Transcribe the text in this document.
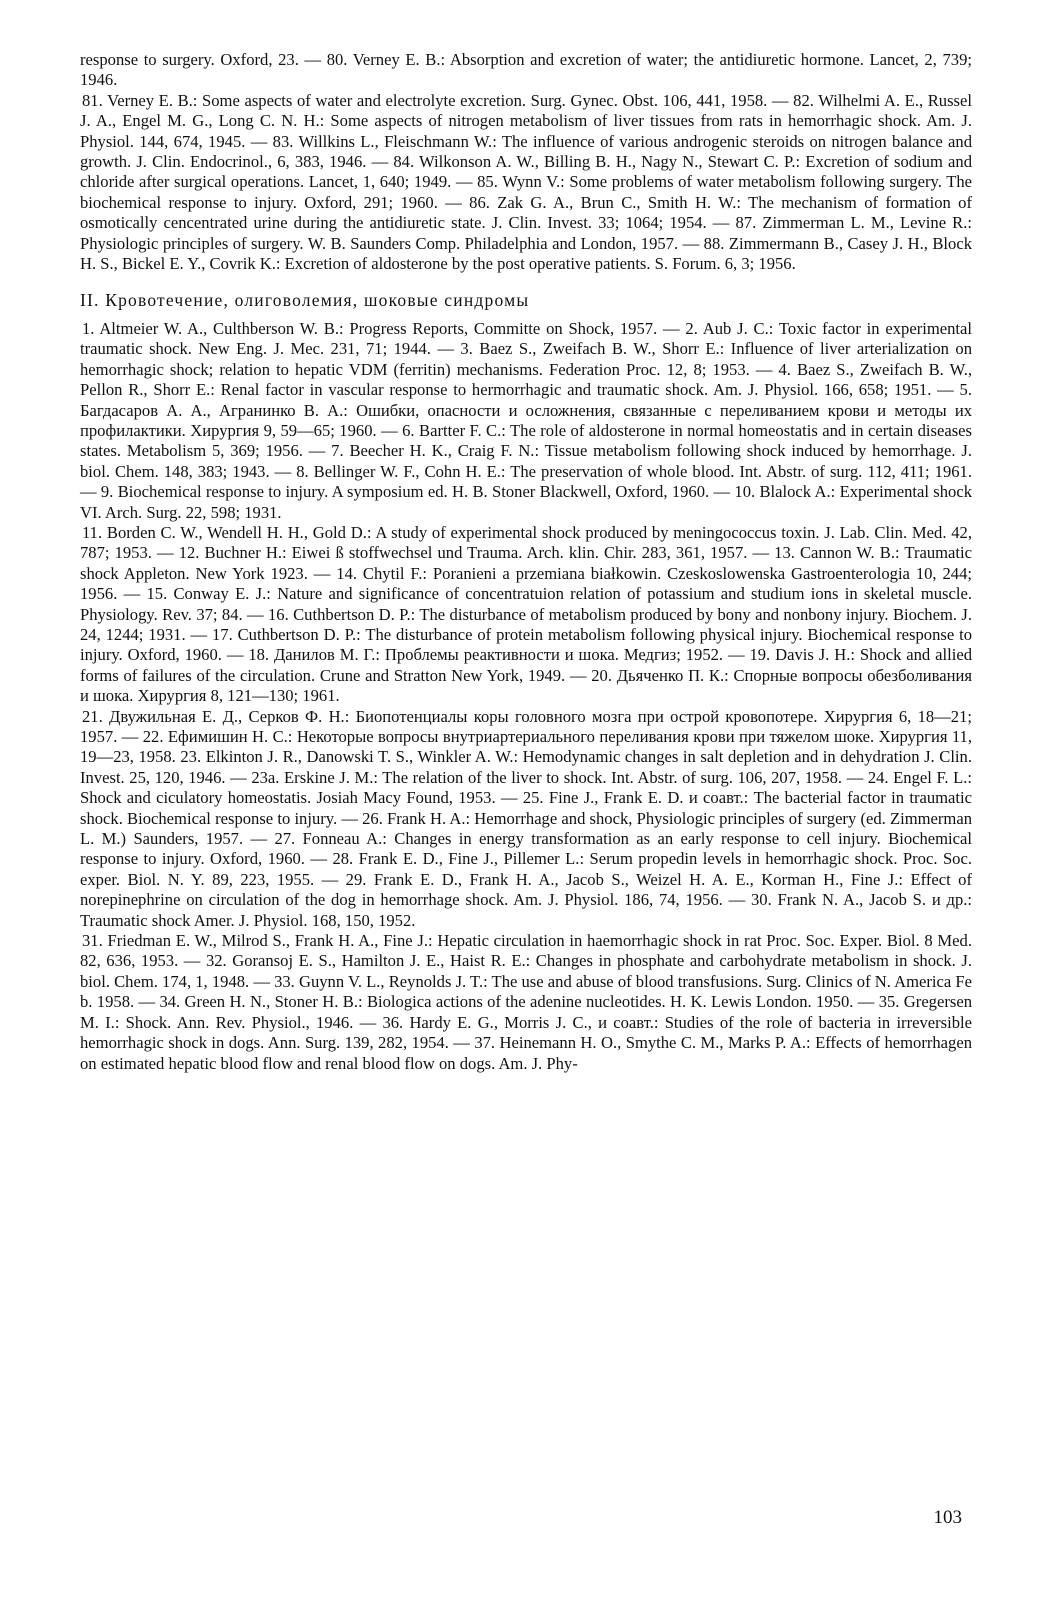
response to surgery. Oxford, 23. — 80. Verney E. B.: Absorption and excretion of water; the antidiuretic hormone. Lancet, 2, 739; 1946.

81. Verney E. B.: Some aspects of water and electrolyte excretion. Surg. Gynec. Obst. 106, 441, 1958. — 82. Wilhelmi A. E., Russel J. A., Engel M. G., Long C. N. H.: Some aspects of nitrogen metabolism of liver tissues from rats in hemorrhagic shock. Am. J. Physiol. 144, 674, 1945. — 83. Willkins L., Fleischmann W.: The influence of various androgenic steroids on nitrogen balance and growth. J. Clin. Endocrinol., 6, 383, 1946. — 84. Wilkonson A. W., Billing B. H., Nagy N., Stewart C. P.: Excretion of sodium and chloride after surgical operations. Lancet, 1, 640; 1949. — 85. Wynn V.: Some problems of water metabolism following surgery. The biochemical response to injury. Oxford, 291; 1960. — 86. Zak G. A., Brun C., Smith H. W.: The mechanism of formation of osmotically cencentrated urine during the antidiuretic state. J. Clin. Invest. 33; 1064; 1954. — 87. Zimmerman L. M., Levine R.: Physiologic principles of surgery. W. B. Saunders Comp. Philadelphia and London, 1957. — 88. Zimmermann B., Casey J. H., Block H. S., Bickel E. Y., Covrik K.: Excretion of aldosterone by the post operative patients. S. Forum. 6, 3; 1956.

II. Кровотечение, олиговолемия, шоковые синдромы

1. Altmeier W. A., Culthberson W. B.: Progress Reports, Committe on Shock, 1957. — 2. Aub J. C.: Toxic factor in experimental traumatic shock. New Eng. J. Mec. 231, 71; 1944. — 3. Baez S., Zweifach B. W., Shorr E.: Influence of liver arterialization on hemorrhagic shock; relation to hepatic VDM (ferritin) mechanisms. Federation Proc. 12, 8; 1953. — 4. Baez S., Zweifach B. W., Pellon R., Shorr E.: Renal factor in vascular response to hermorrhagic and traumatic shock. Am. J. Physiol. 166, 658; 1951. — 5. Багдасаров А. А., Агранинко В. А.: Ошибки, опасности и осложнения, связанные с переливанием крови и методы их профилактики. Хирургия 9, 59—65; 1960. — 6. Bartter F. C.: The role of aldosterone in normal homeostatis and in certain diseases states. Metabolism 5, 369; 1956. — 7. Beecher H. K., Craig F. N.: Tissue metabolism following shock induced by hemorrhage. J. biol. Chem. 148, 383; 1943. — 8. Bellinger W. F., Cohn H. E.: The preservation of whole blood. Int. Abstr. of surg. 112, 411; 1961. — 9. Biochemical response to injury. A symposium ed. H. B. Stoner Blackwell, Oxford, 1960. — 10. Blalock A.: Experimental shock VI. Arch. Surg. 22, 598; 1931.

11. Borden C. W., Wendell H. H., Gold D.: A study of experimental shock produced by meningococcus toxin. J. Lab. Clin. Med. 42, 787; 1953. — 12. Buchner H.: Eiwei ß stoffwechsel und Trauma. Arch. klin. Chir. 283, 361, 1957. — 13. Cannon W. B.: Traumatic shock Appleton. New York 1923. — 14. Chytil F.: Poranieni a przemiana białkowin. Czeskoslowenska Gastroenterologia 10, 244; 1956. — 15. Conway E. J.: Nature and significance of concentratuion relation of potassium and studium ions in skeletal muscle. Physiology. Rev. 37; 84. — 16. Cuthbertson D. P.: The disturbance of metabolism produced by bony and nonbony injury. Biochem. J. 24, 1244; 1931. — 17. Cuthbertson D. P.: The disturbance of protein metabolism following physical injury. Biochemical response to injury. Oxford, 1960. — 18. Данилов М. Г.: Проблемы реактивности и шока. Медгиз; 1952. — 19. Davis J. H.: Shock and allied forms of failures of the circulation. Crune and Stratton New York, 1949. — 20. Дьяченко П. К.: Спорные вопросы обезболивания и шока. Хирургия 8, 121—130; 1961.

21. Двужильная Е. Д., Серков Ф. Н.: Биопотенциалы коры головного мозга при острой кровопотере. Хирургия 6, 18—21; 1957. — 22. Ефимишин Н. С.: Некоторые вопросы внутриартериального переливания крови при тяжелом шоке. Хирургия 11, 19—23, 1958. 23. Elkinton J. R., Danowski T. S., Winkler A. W.: Hemodynamic changes in salt depletion and in dehydration J. Clin. Invest. 25, 120, 1946. — 23a. Erskine J. M.: The relation of the liver to shock. Int. Abstr. of surg. 106, 207, 1958. — 24. Engel F. L.: Shock and ciculatory homeostatis. Josiah Macy Found, 1953. — 25. Fine J., Frank E. D. и соавт.: The bacterial factor in traumatic shock. Biochemical response to injury. — 26. Frank H. A.: Hemorrhage and shock, Physiologic principles of surgery (ed. Zimmerman L. M.) Saunders, 1957. — 27. Fonneau A.: Changes in energy transformation as an early response to cell injury. Biochemical response to injury. Oxford, 1960. — 28. Frank E. D., Fine J., Pillemer L.: Serum propedin levels in hemorrhagic shock. Proc. Soc. exper. Biol. N. Y. 89, 223, 1955. — 29. Frank E. D., Frank H. A., Jacob S., Weizel H. A. E., Korman H., Fine J.: Effect of norepinephrine on circulation of the dog in hemorrhage shock. Am. J. Physiol. 186, 74, 1956. — 30. Frank N. A., Jacob S. и др.: Traumatic shock Amer. J. Physiol. 168, 150, 1952.

31. Friedman E. W., Milrod S., Frank H. A., Fine J.: Hepatic circulation in haemorrhagic shock in rat Proc. Soc. Exper. Biol. 8 Med. 82, 636, 1953. — 32. Goransoj E. S., Hamilton J. E., Haist R. E.: Changes in phosphate and carbohydrate metabolism in shock. J. biol. Chem. 174, 1, 1948. — 33. Guynn V. L., Reynolds J. T.: The use and abuse of blood transfusions. Surg. Clinics of N. America Fe b. 1958. — 34. Green H. N., Stoner H. B.: Biologica actions of the adenine nucleotides. H. K. Lewis London. 1950. — 35. Gregersen M. I.: Shock. Ann. Rev. Physiol., 1946. — 36. Hardy E. G., Morris J. C., и соавт.: Studies of the role of bacteria in irreversible hemorrhagic shock in dogs. Ann. Surg. 139, 282, 1954. — 37. Heinemann H. O., Smythe C. M., Marks P. A.: Effects of hemorrhagen on estimated hepatic blood flow and renal blood flow on dogs. Am. J. Phy-

103
